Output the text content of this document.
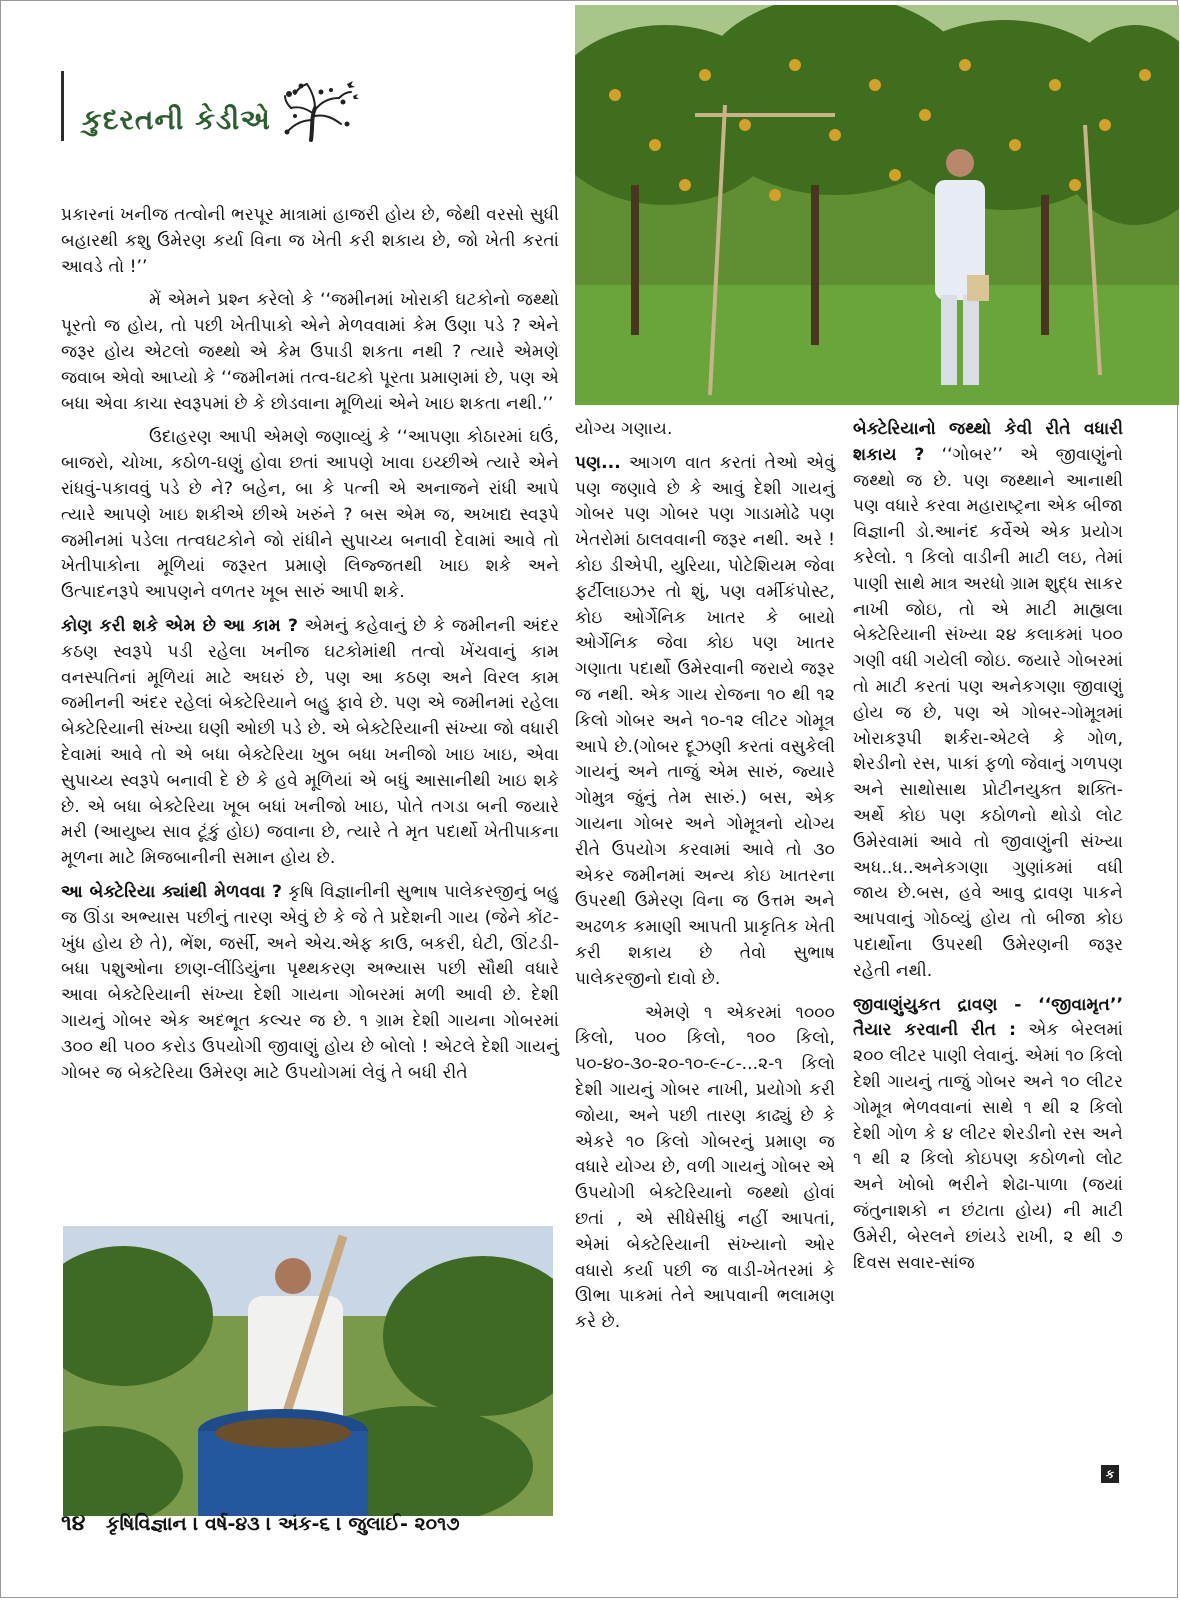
કુદરતની કેડીએ

પ્રકારનાં ખનીજ તત્વોની ભરપૂર માત્રામાં હાજરી હોય છે, જેથી વરસો સુધી બહારથી કશુ ઉમેરણ કર્યા વિના જ ખેતી કરી શકાય છે, જો ખેતી કરતાં આવડે તો !’’

મેં એમને પ્રશ્ન કરેલો કે ‘‘જમીનમાં ખોરાકી ઘટકોનો જથ્થો પૂરતો જ હોય, તો પછી ખેતીપાકો એને મેળવવામાં કેમ ઉણા પડે ? એને જરૂર હોય એટલો જથ્થો એ કેમ ઉપાડી શકતા નથી ? ત્યારે એમણે જવાબ એવો આપ્યો કે ‘‘જમીનમાં તત્વ-ઘટકો પૂરતા પ્રમાણમાં છે, પણ એ બધા એવા કાચા સ્વરૂપમાં છે કે છોડવાના મૂળિયાં એને ખાઇ શકતા નથી.’’

ઉદાહરણ આપી એમણે જણાવ્યું કે ‘‘આપણા કોઠારમાં ઘઉં, બાજરો, ચોખા, કઠોળ-ઘણું હોવા છતાં આપણે ખાવા ઇચ્છીએ ત્યારે એને રાંધવું-પકાવવું પડે છે ને? બહેન, બા કે પત્ની એ અનાજને રાંધી આપે ત્યારે આપણે ખાઇ શકીએ છીએ ખરુંને ? બસ એમ જ, અખાદ્ય સ્વરૂપે જમીનમાં પડેલા તત્વઘટકોને જો રાંધીને સુપાચ્ય બનાવી દેવામાં આવે તો ખેતીપાકોના મૂળિયાં જરૂરત પ્રમાણે લિજ્જતથી ખાઇ શકે અને ઉત્પાદનરૂપે આપણને વળતર ખૂબ સારું આપી શકે.

કોણ કરી શકે એમ છે આ કામ ? એમનું કહેવાનું છે કે જમીનની અંદર કઠણ સ્વરૂપે પડી રહેલા ખનીજ ઘટકોમાંથી તત્વો ખેંચવાનું કામ વનસ્પતિનાં મૂળિયાં માટે અઘરું છે, પણ આ કઠણ અને વિરલ કામ જમીનની અંદર રહેલાં બેક્ટેરિયાને બહુ ફાવે છે. પણ એ જમીનમાં રહેલા બેક્ટેરિયાની સંખ્યા ઘણી ઓછી પડે છે. એ બેક્ટેરિયાની સંખ્યા જો વધારી દેવામાં આવે તો એ બધા બેક્ટેરિયા ખુબ બધા ખનીજો ખાઇ ખાઇ, એવા સુપાચ્ય સ્વરૂપે બનાવી દે છે કે હવે મૂળિયાં એ બધું આસાનીથી ખાઇ શકે છે. એ બધા બેક્ટેરિયા ખૂબ બધાં ખનીજો ખાઇ, પોતે તગડા બની જયારે મરી (આયુષ્ય સાવ ટૂંકું હોઇ) જવાના છે, ત્યારે તે મૃત પદાર્થો ખેતીપાકના મૂળના માટે મિજબાનીની સમાન હોય છે.

આ બેક્ટેરિયા ક્યાંથી મેળવવા ? કૃષિ વિજ્ઞાનીની સુભાષ પાલેકરજીનું બહુ જ ઊંડા અભ્યાસ પછીનું તારણ એવું છે કે જે તે પ્રદેશની ગાય (જેને કોંટ-ખુંધ હોય છે તે), ભેંશ, જર્સી, અને એચ.એફ કાઉ, બકરી, ઘેટી, ઊંટડી-બધા પશુઓના છાણ-લીંડિયુંના પૃથ્થકરણ અભ્યાસ પછી સૌથી વધારે આવા બેક્ટેરિયાની સંખ્યા દેશી ગાયના ગોબરમાં મળી આવી છે. દેશી ગાયનું ગોબર એક અદભૂત કલ્ચર જ છે. ૧ ગ્રામ દેશી ગાયના ગોબરમાં ૩૦૦ થી ૫૦૦ કરોડ ઉપયોગી જીવાણું હોય છે બોલો ! એટલે દેશી ગાયનું ગોબર જ બેક્ટેરિયા ઉમેરણ માટે ઉપયોગમાં લેવું તે બધી રીતે

યોગ્ય ગણાય.

પણ... આગળ વાત કરતાં તેઓ એવું પણ જણાવે છે કે આવું દેશી ગાયનું ગોબર પણ ગોબર પણ ગાડામોઢે પણ ખેતરોમાં ઠાલવવાની જરૂર નથી. અરે ! કોઇ ડીએપી, યુરિયા, પોટેશિયમ જેવા ફર્ટીલાઇઝર તો શું, પણ વર્મીકંપોસ્ટ, કોઇ ઓર્ગેનિક ખાતર કે બાયો ઓર્ગેનિક જેવા કોઇ પણ ખાતર ગણાતા પદાર્થો ઉમેરવાની જરાયે જરૂર જ નથી. એક ગાય રોજના ૧૦ થી ૧૨ કિલો ગોબર અને ૧૦-૧૨ લીટર ગોમૂત્ર આપે છે.(ગોબર દૂઝણી કરતાં વસુકેલી ગાયનું અને તાજું એમ સારું, જ્યારે ગોમુત્ર જુંનું તેમ સારું.) બસ, એક ગાયના ગોબર અને ગોમૂત્રનો યોગ્ય રીતે ઉપયોગ કરવામાં આવે તો ૩૦ એકર જમીનમાં અન્ય કોઇ ખાતરના ઉપરથી ઉમેરણ વિના જ ઉત્તમ અને અઢળક કમાણી આપતી પ્રાકૃતિક ખેતી કરી શકાય છે તેવો સુભાષ પાલેકરજીનો દાવો છે.

એમણે ૧ એકરમાં ૧૦૦૦ કિલો, ૫૦૦ કિલો, ૧૦૦ કિલો, ૫૦-૪૦-૩૦-૨૦-૧૦-૯-૮-...૨-૧ કિલો દેશી ગાયનું ગોબર નાખી, પ્રયોગો કરી જોયા, અને પછી તારણ કાઢ્યું છે કે એકરે ૧૦ કિલો ગોબરનું પ્રમાણ જ વધારે યોગ્ય છે, વળી ગાયનું ગોબર એ ઉપયોગી બેક્ટેરિયાનો જથ્થો હોવાં છતાં , એ સીધેસીધું નહીં આપતાં, એમાં બેક્ટેરિયાની સંખ્યાનો ઓર વધારો કર્યા પછી જ વાડી-ખેતરમાં કે ઊભા પાકમાં તેને આપવાની ભલામણ કરે છે.

બેક્ટેરિયાનો જથ્થો કેવી રીતે વધારી શકાય ? ‘‘ગોબર’’ એ જીવાણુંનો જથ્થો જ છે. પણ જથ્થાને આનાથી પણ વધારે કરવા મહારાષ્ટ્રના એક બીજા વિજ્ઞાની ડો.આનંદ કર્વેએ એક પ્રયોગ કરેલો. ૧ કિલો વાડીની માટી લઇ, તેમાં પાણી સાથે માત્ર અરધો ગ્રામ શુદ્ધ સાકર નાખી જોઇ, તો એ માટી માહ્યલા બેક્ટેરિયાની સંખ્યા ૨૪ કલાકમાં ૫૦૦ ગણી વધી ગયેલી જોઇ. જયારે ગોબરમાં તો માટી કરતાં પણ અનેકગણા જીવાણું હોય જ છે, પણ એ ગોબર-ગોમૂત્રમાં ખોરાકરૂપી શર્કરા-એટલે કે ગોળ, શેરડીનો રસ, પાકાં ફળો જેવાનું ગળપણ અને સાથોસાથ પ્રોટીનયુક્ત શક્તિ-અર્થે કોઇ પણ કઠોળનો થોડો લોટ ઉમેરવામાં આવે તો જીવાણુંની સંખ્યા અધ..ધ..અનેકગણા ગુણાંકમાં વધી જાય છે.બસ, હવે આવુ દ્રાવણ પાકને આપવાનું ગોઠવ્યું હોય તો બીજા કોઇ પદાર્થોના ઉપરથી ઉમેરણની જરૂર રહેતી નથી.

જીવાણુંયુકત દ્રાવણ - ‘‘જીવામૃત’’ તૈયાર કરવાની રીત : એક બેરલમાં ૨૦૦ લીટર પાણી લેવાનું. એમાં ૧૦ કિલો દેશી ગાયનું તાજું ગોબર અને ૧૦ લીટર ગોમૂત્ર ભેળવવાનાં સાથે ૧ થી ૨ કિલો દેશી ગોળ કે ૪ લીટર શેરડીનો રસ અને ૧ થી ૨ કિલો કોઇપણ કઠોળનો લોટ અને ખોબો ભરીને શેઢા-પાળા (જયાં જંતુનાશકો ન છંટાતા હોય) ની માટી ઉમેરી, બેરલને છાંયડે રાખી, ૨ થી ૭ દિવસ સવાર-સાંજ

ક
૧૪ કૃષિવિજ્ઞાન । વર્ષ-૪૩ । અંક-૬ । જુલાઈ- ૨૦૧૭
